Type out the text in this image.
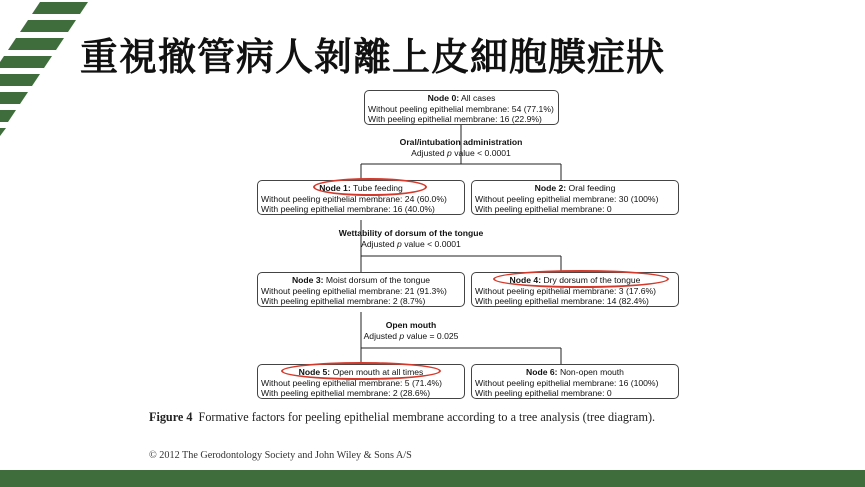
重視撤管病人剝離上皮細胞膜症狀
Node 0: All cases
Without peeling epithelial membrane: 54 (77.1%)
With peeling epithelial membrane: 16 (22.9%)
Oral/intubation administration
Adjusted p value < 0.0001
Node 1: Tube feeding
Without peeling epithelial membrane: 24 (60.0%)
With peeling epithelial membrane: 16 (40.0%)
Node 2: Oral feeding
Without peeling epithelial membrane: 30 (100%)
With peeling epithelial membrane: 0
Wettability of dorsum of the tongue
Adjusted p value < 0.0001
Node 3: Moist dorsum of the tongue
Without peeling epithelial membrane: 21 (91.3%)
With peeling epithelial membrane: 2 (8.7%)
Node 4: Dry dorsum of the tongue
Without peeling epithelial membrane: 3 (17.6%)
With peeling epithelial membrane: 14 (82.4%)
Open mouth
Adjusted p value = 0.025
Node 5: Open mouth at all times
Without peeling epithelial membrane: 5 (71.4%)
With peeling epithelial membrane: 2 (28.6%)
Node 6: Non-open mouth
Without peeling epithelial membrane: 16 (100%)
With peeling epithelial membrane: 0
Figure 4 Formative factors for peeling epithelial membrane according to a tree analysis (tree diagram).
© 2012 The Gerodontology Society and John Wiley & Sons A/S
